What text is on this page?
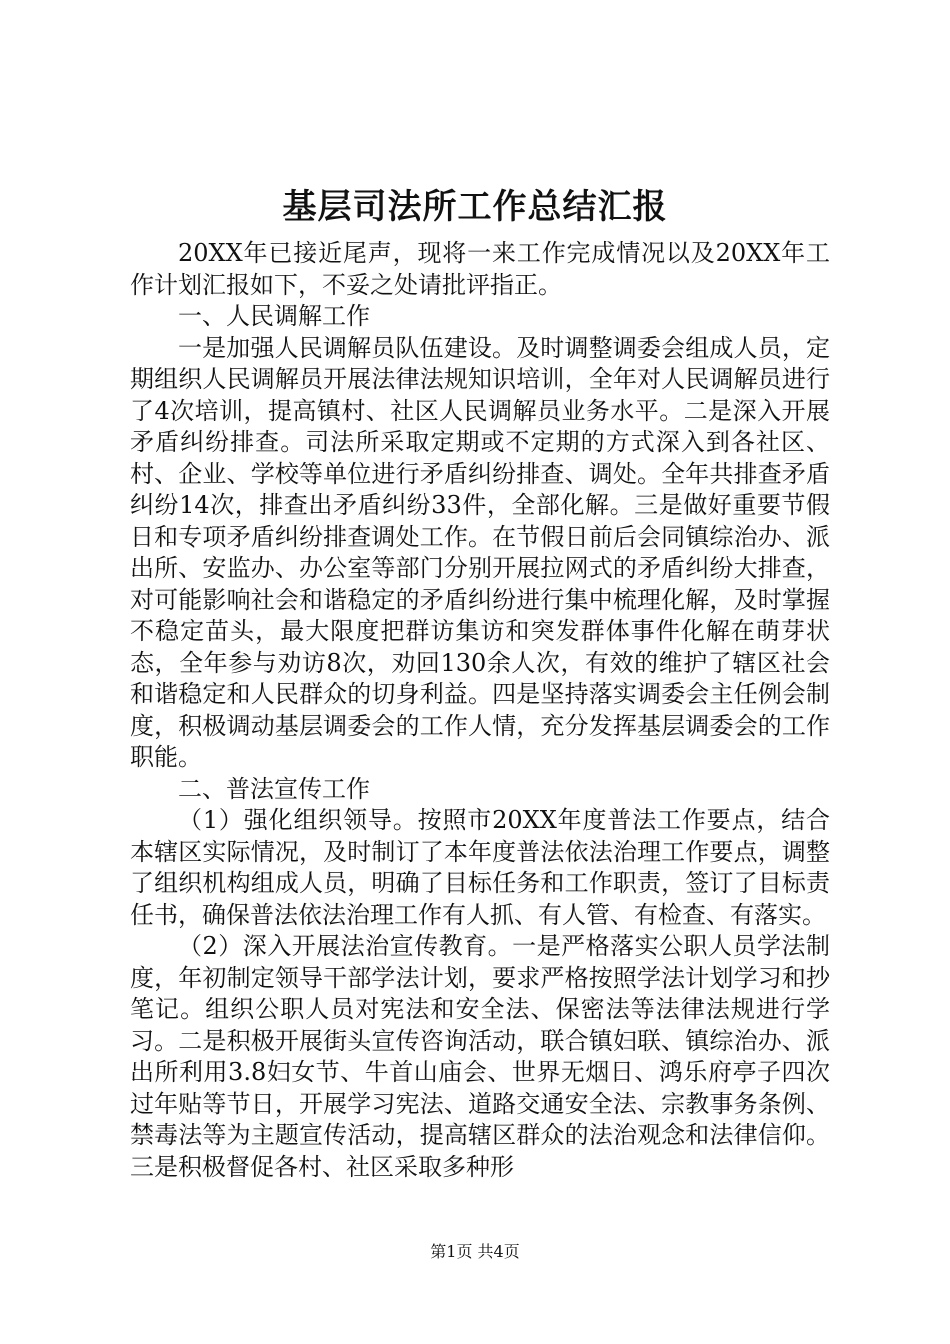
基层司法所工作总结汇报

20XX年已接近尾声，现将一来工作完成情况以及20XX年工作计划汇报如下，不妥之处请批评指正。

一、人民调解工作

一是加强人民调解员队伍建设。及时调整调委会组成人员，定期组织人民调解员开展法律法规知识培训，全年对人民调解员进行了4次培训，提高镇村、社区人民调解员业务水平。二是深入开展矛盾纠纷排查。司法所采取定期或不定期的方式深入到各社区、村、企业、学校等单位进行矛盾纠纷排查、调处。全年共排查矛盾纠纷14次，排查出矛盾纠纷33件，全部化解。三是做好重要节假日和专项矛盾纠纷排查调处工作。在节假日前后会同镇综治办、派出所、安监办、办公室等部门分别开展拉网式的矛盾纠纷大排查，对可能影响社会和谐稳定的矛盾纠纷进行集中梳理化解，及时掌握不稳定苗头，最大限度把群访集访和突发群体事件化解在萌芽状态，全年参与劝访8次，劝回130余人次，有效的维护了辖区社会和谐稳定和人民群众的切身利益。四是坚持落实调委会主任例会制度，积极调动基层调委会的工作人情，充分发挥基层调委会的工作职能。

二、普法宣传工作

（1）强化组织领导。按照市20XX年度普法工作要点，结合本辖区实际情况，及时制订了本年度普法依法治理工作要点，调整了组织机构组成人员，明确了目标任务和工作职责，签订了目标责任书，确保普法依法治理工作有人抓、有人管、有检查、有落实。

（2）深入开展法治宣传教育。一是严格落实公职人员学法制度，年初制定领导干部学法计划，要求严格按照学法计划学习和抄笔记。组织公职人员对宪法和安全法、保密法等法律法规进行学习。二是积极开展街头宣传咨询活动，联合镇妇联、镇综治办、派出所利用3.8妇女节、牛首山庙会、世界无烟日、鸿乐府亭子四次过年贴等节日，开展学习宪法、道路交通安全法、宗教事务条例、禁毒法等为主题宣传活动，提高辖区群众的法治观念和法律信仰。三是积极督促各村、社区采取多种形

第1页 共4页
